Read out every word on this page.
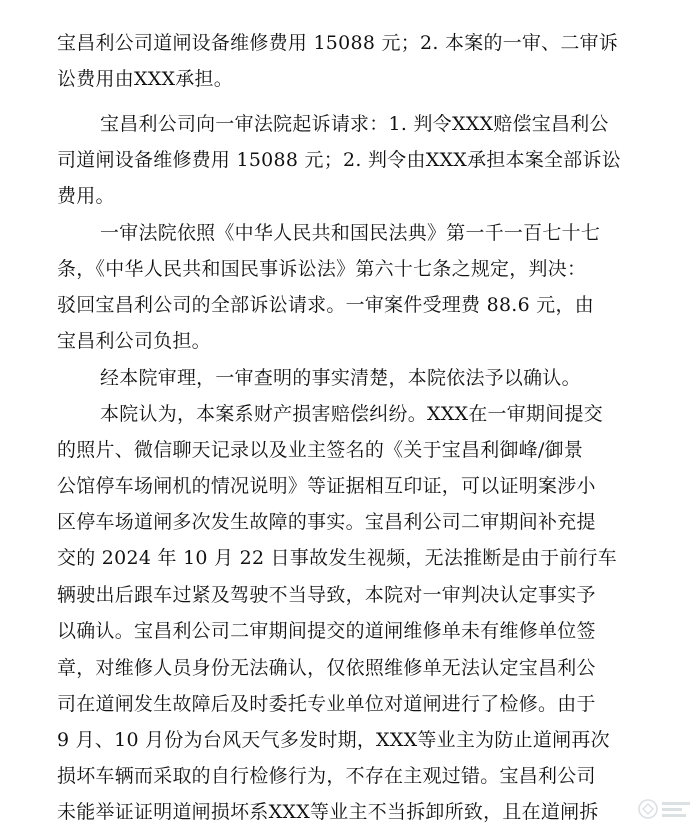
宝昌利公司道闸设备维修费用 15088 元；2. 本案的一审、二审诉
讼费用由XXX承担。
宝昌利公司向一审法院起诉请求：1. 判令XXX赔偿宝昌利公
司道闸设备维修费用 15088 元；2. 判令由XXX承担本案全部诉讼
费用。
一审法院依照《中华人民共和国民法典》第一千一百七十七
条，《中华人民共和国民事诉讼法》第六十七条之规定，判决：
驳回宝昌利公司的全部诉讼请求。一审案件受理费 88.6 元，由
宝昌利公司负担。
经本院审理，一审查明的事实清楚，本院依法予以确认。
本院认为，本案系财产损害赔偿纠纷。XXX在一审期间提交
的照片、微信聊天记录以及业主签名的《关于宝昌利御峰/御景
公馆停车场闸机的情况说明》等证据相互印证，可以证明案涉小
区停车场道闸多次发生故障的事实。宝昌利公司二审期间补充提
交的 2024 年 10 月 22 日事故发生视频，无法推断是由于前行车
辆驶出后跟车过紧及驾驶不当导致，本院对一审判决认定事实予
以确认。宝昌利公司二审期间提交的道闸维修单未有维修单位签
章，对维修人员身份无法确认，仅依照维修单无法认定宝昌利公
司在道闸发生故障后及时委托专业单位对道闸进行了检修。由于
9 月、10 月份为台风天气多发时期，XXX等业主为防止道闸再次
损坏车辆而采取的自行检修行为，不存在主观过错。宝昌利公司
未能举证证明道闸损坏系XXX等业主不当拆卸所致，且在道闸拆
